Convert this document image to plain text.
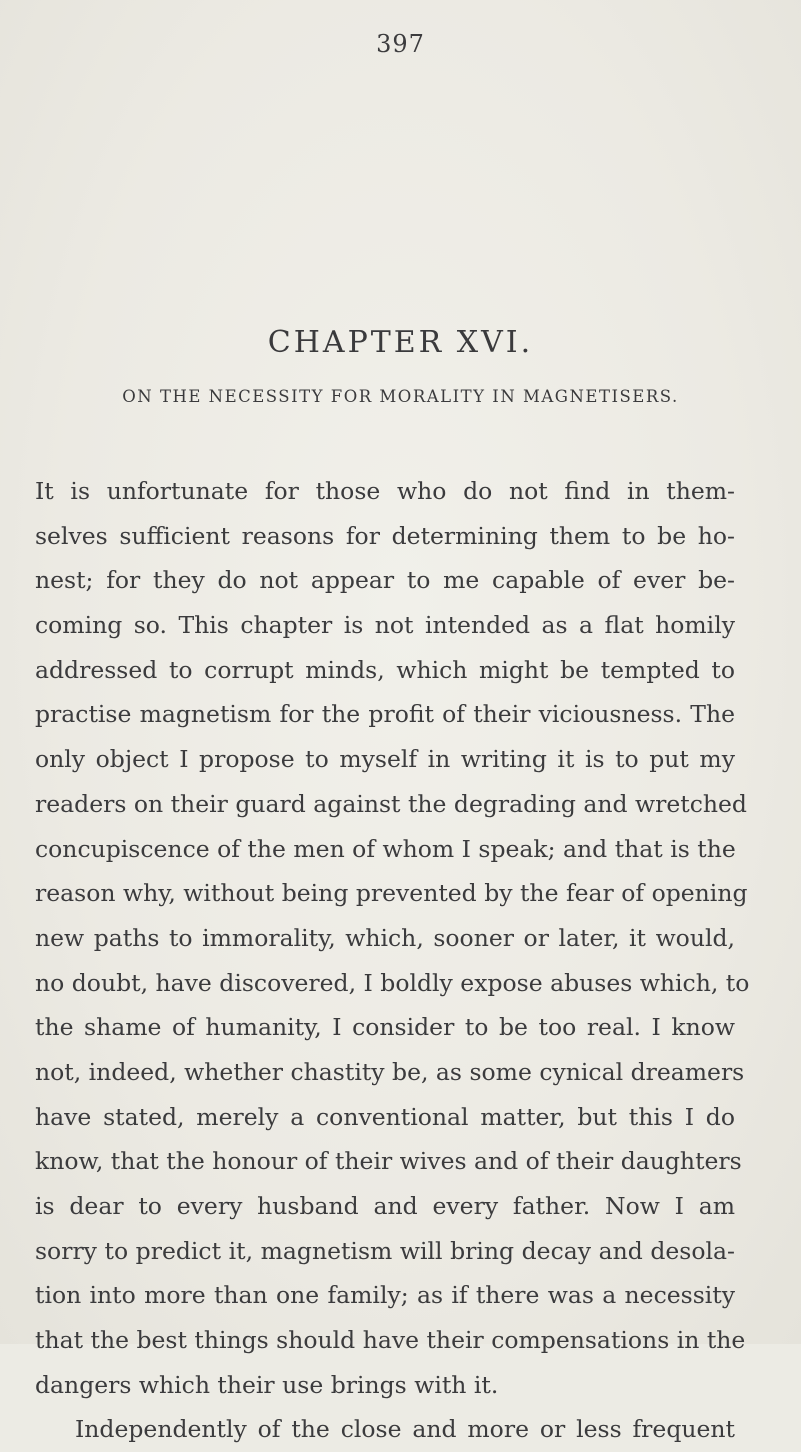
397
CHAPTER XVI.
ON THE NECESSITY FOR MORALITY IN MAGNETISERS.
It is unfortunate for those who do not find in them-
selves sufficient reasons for determining them to be ho-
nest; for they do not appear to me capable of ever be-
coming so. This chapter is not intended as a flat homily
addressed to corrupt minds, which might be tempted to
practise magnetism for the profit of their viciousness. The
only object I propose to myself in writing it is to put my
readers on their guard against the degrading and wretched
concupiscence of the men of whom I speak; and that is the
reason why, without being prevented by the fear of opening
new paths to immorality, which, sooner or later, it would,
no doubt, have discovered, I boldly expose abuses which, to
the shame of humanity, I consider to be too real. I know
not, indeed, whether chastity be, as some cynical dreamers
have stated, merely a conventional matter, but this I do
know, that the honour of their wives and of their daughters
is dear to every husband and every father. Now I am
sorry to predict it, magnetism will bring decay and desola-
tion into more than one family; as if there was a necessity
that the best things should have their compensations in the
dangers which their use brings with it.
Independently of the close and more or less frequent
